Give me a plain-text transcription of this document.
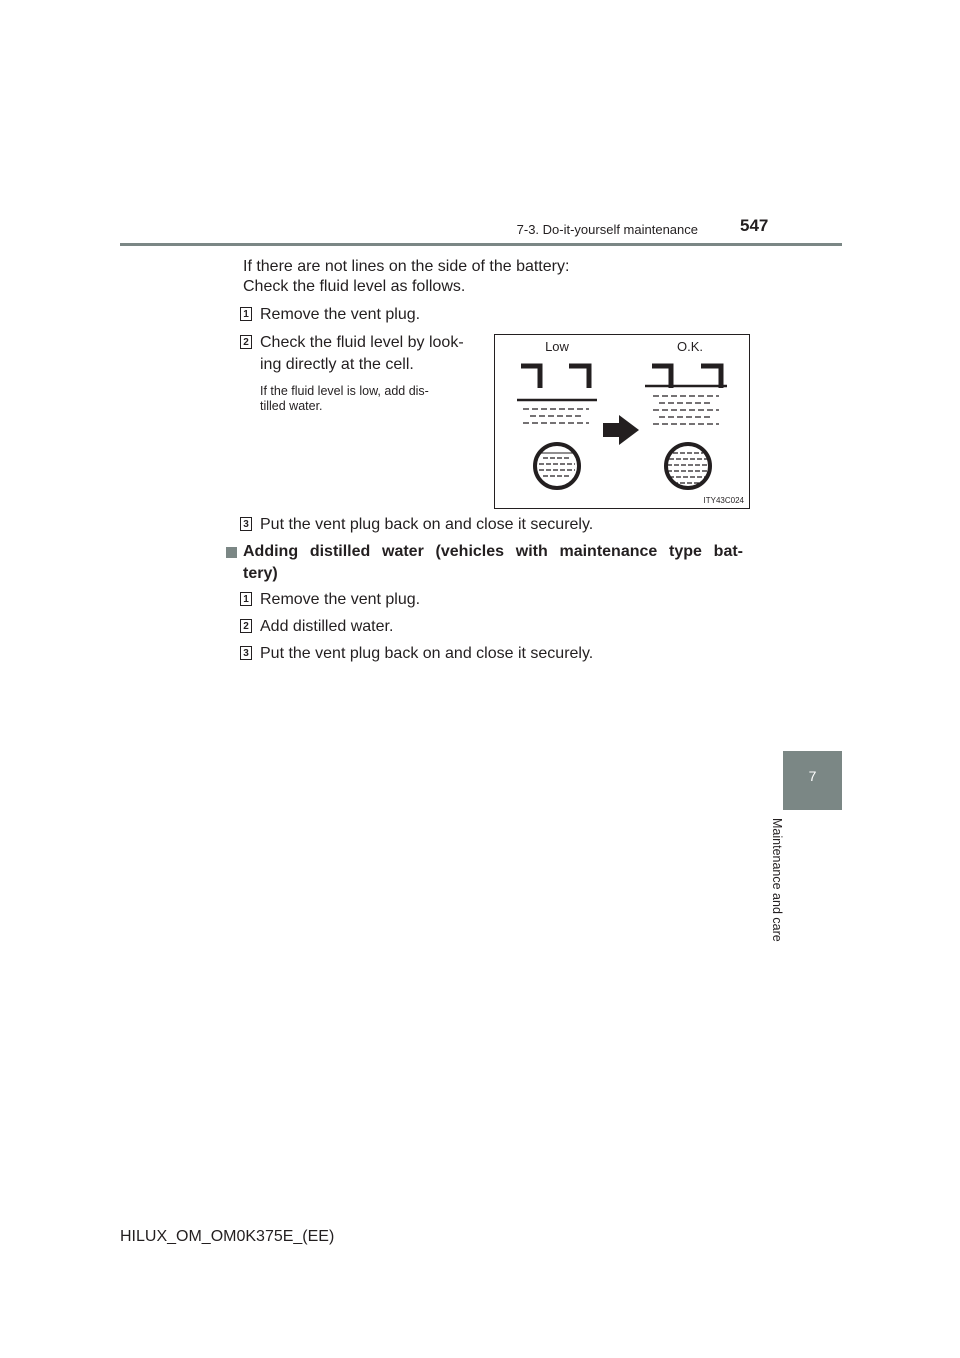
7-3. Do-it-yourself maintenance 547
7
Maintenance and care
If there are not lines on the side of the battery:
Check the fluid level as follows.
1 Remove the vent plug.
2 Check the fluid level by look-
ing directly at the cell.
If the fluid level is low, add dis-
tilled water.
Low	O.K.
ITY43C024
3 Put the vent plug back on and close it securely.
Adding distilled water (vehicles with maintenance type bat-
tery)
1 Remove the vent plug.
2 Add distilled water.
3 Put the vent plug back on and close it securely.
HILUX_OM_OM0K375E_(EE)
